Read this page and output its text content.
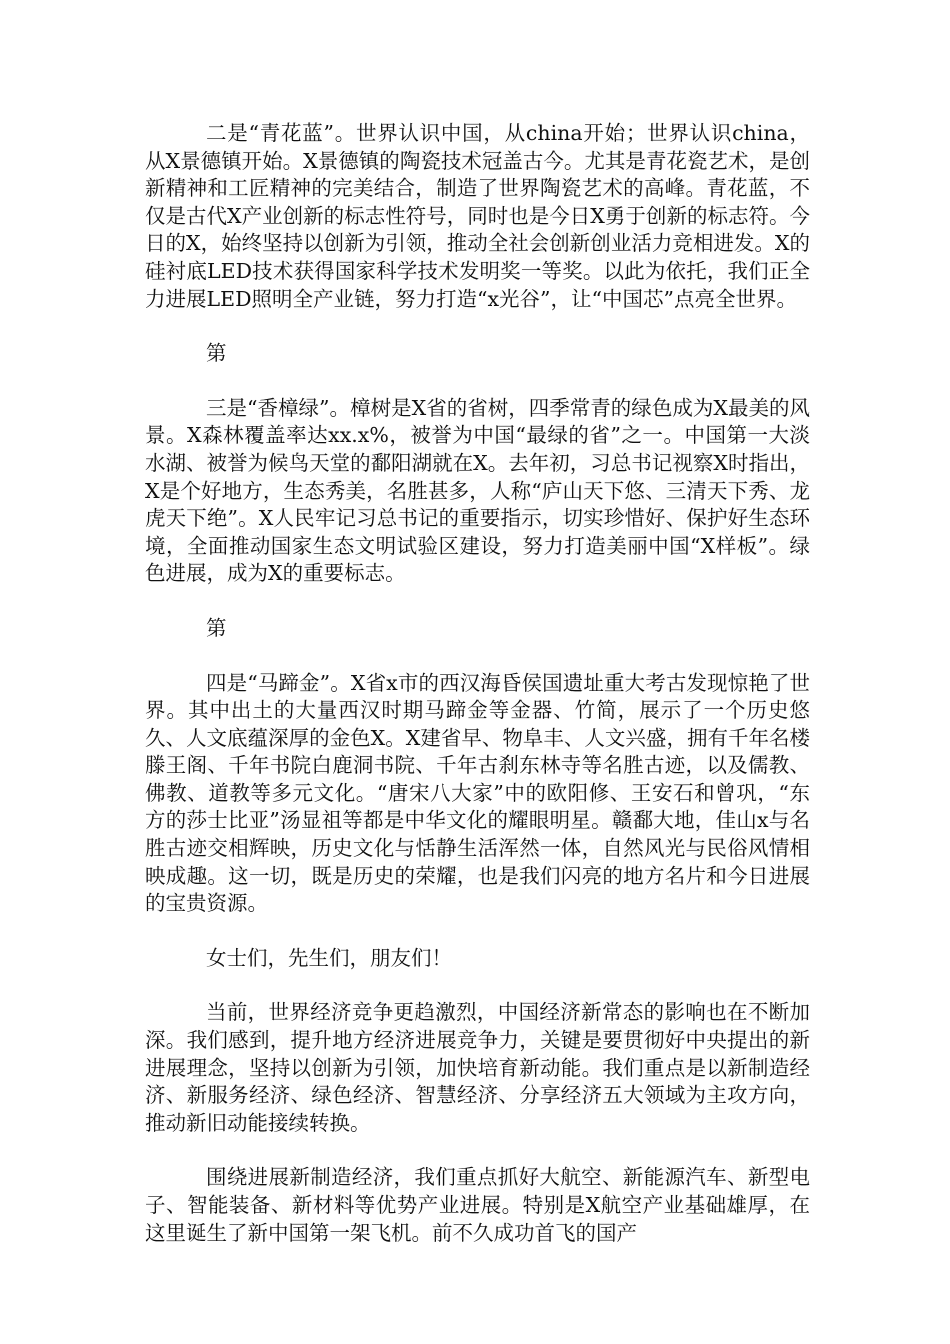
二是“青花蓝”。世界认识中国，从china开始；世界认识china，从X景德镇开始。X景德镇的陶瓷技术冠盖古今。尤其是青花瓷艺术，是创新精神和工匠精神的完美结合，制造了世界陶瓷艺术的高峰。青花蓝，不仅是古代X产业创新的标志性符号，同时也是今日X勇于创新的标志符。今日的X，始终坚持以创新为引领，推动全社会创新创业活力竞相进发。X的硅衬底LED技术获得国家科学技术发明奖一等奖。以此为依托，我们正全力进展LED照明全产业链，努力打造“x光谷”，让“中国芯”点亮全世界。

第

三是“香樟绿”。樟树是X省的省树，四季常青的绿色成为X最美的风景。X森林覆盖率达xx.x%，被誉为中国“最绿的省”之一。中国第一大淡水湖、被誉为候鸟天堂的鄱阳湖就在X。去年初，习总书记视察X时指出，X是个好地方，生态秀美，名胜甚多，人称“庐山天下悠、三清天下秀、龙虎天下绝”。X人民牢记习总书记的重要指示，切实珍惜好、保护好生态环境，全面推动国家生态文明试验区建设，努力打造美丽中国“X样板”。绿色进展，成为X的重要标志。

第

四是“马蹄金”。X省x市的西汉海昏侯国遗址重大考古发现惊艳了世界。其中出土的大量西汉时期马蹄金等金器、竹简，展示了一个历史悠久、人文底蕴深厚的金色X。X建省早、物阜丰、人文兴盛，拥有千年名楼滕王阁、千年书院白鹿洞书院、千年古刹东林寺等名胜古迹，以及儒教、佛教、道教等多元文化。“唐宋八大家”中的欧阳修、王安石和曾巩，“东方的莎士比亚”汤显祖等都是中华文化的耀眼明星。赣鄱大地，佳山x与名胜古迹交相辉映，历史文化与恬静生活浑然一体，自然风光与民俗风情相映成趣。这一切，既是历史的荣耀，也是我们闪亮的地方名片和今日进展的宝贵资源。

女士们，先生们，朋友们！

当前，世界经济竞争更趋激烈，中国经济新常态的影响也在不断加深。我们感到，提升地方经济进展竞争力，关键是要贯彻好中央提出的新进展理念，坚持以创新为引领，加快培育新动能。我们重点是以新制造经济、新服务经济、绿色经济、智慧经济、分享经济五大领域为主攻方向，推动新旧动能接续转换。

围绕进展新制造经济，我们重点抓好大航空、新能源汽车、新型电子、智能装备、新材料等优势产业进展。特别是X航空产业基础雄厚，在这里诞生了新中国第一架飞机。前不久成功首飞的国产
